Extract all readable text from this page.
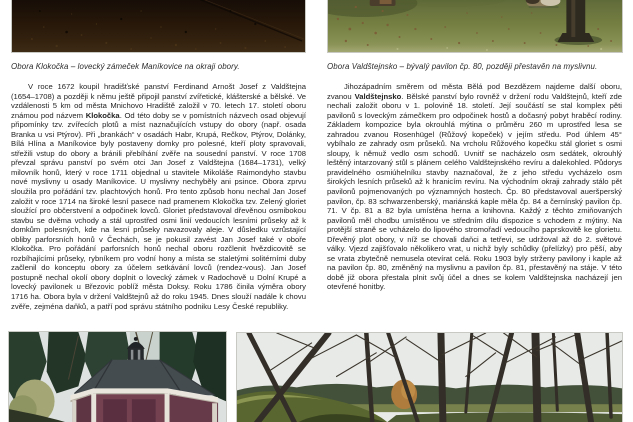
Obora Klokočka – lovecký zámeček Maníkovice na okraji obory.	Obora Valdštejnsko – bývalý pavilon čp. 80, později přestavěn na myslivnu.

V roce 1672 koupil hradišťské panství Ferdinand Arnošt Josef z Valdštejna (1654–1708) a později k němu ještě připojil panství zvířetické, klášterské a bělské. Ve vzdálenosti 5 km od města Mnichovo Hradiště založil v 70. letech 17. století oboru známou pod názvem Klokočka. Od této doby se v pomístních názvech osad objevují připomínky tzv. zvířecích plotů a míst naznačujících vstupy do obory (např. osada Branka u vsi Ptýrov). Při „brankách“ v osadách Habr, Krupá, Rečkov, Ptýrov, Dolánky, Bílá Hlína a Maníkovice byly postaveny domky pro polesné, kteří ploty spravovali, střežili vstup do obory a bránili přebíhání zvěře na sousední panství. V roce 1708 převzal správu panství po svém otci Jan Josef z Valdštejna (1684–1731), velký milovník honů, který v roce 1711 objednal u stavitele Mikoláše Raimondyho stavbu nové myslivny u osady Maníkovice. U myslivny nechyběly ani psince. Obora zprvu sloužila pro pořádání tzv. plachtových honů. Pro tento způsob honu nechal Jan Josef založit v roce 1714 na široké lesní pasece nad pramenem Klokočka tzv. Zelený gloriet sloužící pro občerstvení a odpočinek lovců. Gloriet představoval dřevěnou osmibokou stavbu se dvěma vchody a stál uprostřed osmi linií vedoucích lesními průseky až k domkům polesných, kde na lesní průseky navazovaly aleje. V důsledku vzrůstající obliby parforsních honů v Čechách, se je pokusil zavést Jan Josef také v oboře Klokočka. Pro pořádání parforsních honů nechal oboru rozčlenit hvězdicovitě se rozbíhajícími průseky, rybníkem pro vodní hony a místa se staletými solitérními duby začlenil do konceptu obory za účelem setkávání lovců (rendez-vous). Jan Josef postupně nechal okolí obory doplnit o lovecký zámek v Radochově u Dolní Krupé a lovecký pavilonek u Březovic poblíž města Doksy. Roku 1786 činila výměra obory 1716 ha. Obora byla v držení Valdštejnů až do roku 1945. Dnes slouží nadále k chovu zvěře, zejména daňků, a patří pod správu státního podniku Lesy České republiky.

Jihozápadním směrem od města Bělá pod Bezdězem najdeme další oboru, zvanou Valdštejnsko. Bělské panství bylo rovněž v držení rodu Valdštejnů, kteří zde nechali založit oboru v 1. polovině 18. století. Její součástí se stal komplex pěti pavilonů s loveckým zámečkem pro odpočinek hostů a dočasný pobyt hraběcí rodiny. Základem kompozice byla okrouhlá mýtina o průměru 260 m uprostřed lesa se zahradou zvanou Rosenhügel (Růžový kopeček) v jejím středu. Pod úhlem 45° vybíhalo ze zahrady osm průseků. Na vrcholu Růžového kopečku stál gloriet s osmi sloupy, k němuž vedlo osm schodů. Uvnitř se nacházelo osm sedátek, okrouhlý leštěný intarzovaný stůl s plánem celého Valdštejnského revíru a dalekohled. Půdorys pravidelného osmiúhelníku stavby naznačoval, že z jeho středu vycházelo osm širokých lesních průseků až k hranicím revíru. Na východním okraji zahrady stálo pět pavilonů pojmenovaných po významných hostech. Čp. 80 představoval aueršperský pavilon, čp. 83 schwarzenberský, mariánská kaple měla čp. 84 a černínský pavilon čp. 71. V čp. 81 a 82 byla umístěna herna a knihovna. Každý z těchto zmiňovaných pavilonů měl chodbu umístěnou ve středním dílu dispozice s vchodem z mýtiny. Na protější straně se vcházelo do lipového stromořadí vedoucího paprskovitě ke glorietu. Dřevěný plot obory, v níž se chovali daňci a tetřevi, se udržoval až do 2. světové války. Vjezd zajišťovalo několikero vrat, u nichž byly schůdky (přelízky) pro pěší, aby se vrata zbytečně nemusela otevírat celá. Roku 1903 byly strženy pavilony i kaple až na pavilon čp. 80, změněný na myslivnu a pavilon čp. 81, přestavěný na stáje. V této době již obora přestala plnit svůj účel a dnes se kolem Valdštejnska nacházejí jen otevřené honitby.
